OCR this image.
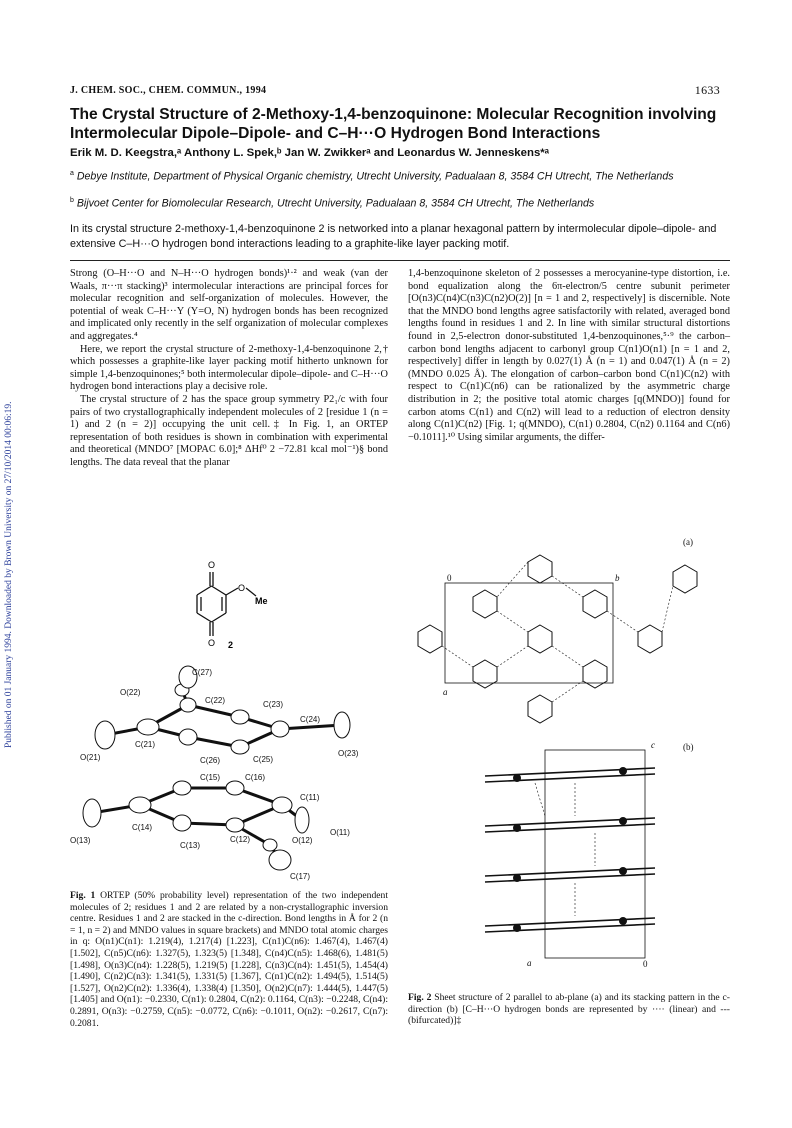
Published on 01 January 1994. Downloaded by Brown University on 27/10/2014 00:06:19.
J. CHEM. SOC., CHEM. COMMUN., 1994	1633
The Crystal Structure of 2-Methoxy-1,4-benzoquinone: Molecular Recognition involving
Intermolecular Dipole–Dipole- and C–H···O Hydrogen Bond Interactions
Erik M. D. Keegstra,ᵃ Anthony L. Spek,ᵇ Jan W. Zwikkerᵃ and Leonardus W. Jenneskens*ᵃ
$^a$ Debye Institute, Department of Physical Organic chemistry, Utrecht University, Padualaan 8, 3584 CH Utrecht, The Netherlands
$^b$ Bijvoet Center for Biomolecular Research, Utrecht University, Padualaan 8, 3584 CH Utrecht, The Netherlands
In its crystal structure 2-methoxy-1,4-benzoquinone 2 is networked into a planar hexagonal pattern by intermolecular dipole–dipole- and extensive C–H···O hydrogen bond interactions leading to a graphite-like layer packing motif.

Strong (O–H···O and N–H···O hydrogen bonds)¹·² and weak (van der Waals, π···π stacking)³ intermolecular interactions are principal forces for molecular recognition and self-organization of molecules. However, the potential of weak C–H···Y (Y=O, N) hydrogen bonds has been recognized and implicated only recently in the self organization of molecular complexes and aggregates.⁴

Here, we report the crystal structure of 2-methoxy-1,4-benzoquinone 2,† which possesses a graphite-like layer packing motif hitherto unknown for simple 1,4-benzoquinones;⁵ both intermolecular dipole–dipole- and C–H···O hydrogen bond interactions play a decisive role.

The crystal structure of 2 has the space group symmetry P2₁/c with four pairs of two crystallographically independent molecules of 2 [residue 1 (n = 1) and 2 (n = 2)] occupying the unit cell.‡ In Fig. 1, an ORTEP representation of both residues is shown in combination with experimental and theoretical (MNDO⁷ [MOPAC 6.0];⁸ ΔHf⁰ 2 −72.81 kcal mol⁻¹)§ bond lengths. The data reveal that the planar

1,4-benzoquinone skeleton of 2 possesses a merocyanine-type distortion, i.e. bond equalization along the 6π-electron/5 centre subunit perimeter [O(n3)C(n4)C(n3)C(n2)O(2)] [n = 1 and 2, respectively] is discernible. Note that the MNDO bond lengths agree satisfactorily with related, averaged bond lengths found in residues 1 and 2. In line with similar structural distortions found in 2,5-electron donor-substituted 1,4-benzoquinones,⁵·⁹ the carbon–carbon bond lengths adjacent to carbonyl group C(n1)O(n1) [n = 1 and 2, respectively] differ in length by 0.027(1) Å (n = 1) and 0.047(1) Å (n = 2) (MNDO 0.025 Å). The elongation of carbon–carbon bond C(n1)C(n2) with respect to C(n1)C(n6) can be rationalized by the asymmetric charge distribution in 2; the positive total atomic charges [q(MNDO)] found for carbon atoms C(n1) and C(n2) will lead to a reduction of electron density along C(n1)C(n2) [Fig. 1; q(MNDO), C(n1) 0.2804, C(n2) 0.1164 and C(n6) −0.1011].¹⁰ Using similar arguments, the differ-

O
O
Me
O 2
C(27)
O(22)
C(22)	C(23)
C(24)
O(21)
C(21)
C(26)	C(25)
O(23)
C(15)	C(16)
C(11)
O(13)
C(14)
C(13)
C(12)	O(12)
O(11)
C(17)
Fig. 1 ORTEP (50% probability level) representation of the two independent molecules of 2; residues 1 and 2 are related by a non-crystallographic inversion centre. Residues 1 and 2 are stacked in the c-direction. Bond lengths in Å for 2 (n = 1, n = 2) and MNDO values in square brackets) and MNDO total atomic charges in q: O(n1)C(n1): 1.219(4), 1.217(4) [1.223], C(n1)C(n6): 1.467(4), 1.467(4) [1.502], C(n5)C(n6): 1.327(5), 1.323(5) [1.348], C(n4)C(n5): 1.468(6), 1.481(5) [1.498], O(n3)C(n4): 1.228(5), 1.219(5) [1.228], C(n3)C(n4): 1.451(5), 1.454(4) [1.490], C(n2)C(n3): 1.341(5), 1.331(5) [1.367], C(n1)C(n2): 1.494(5), 1.514(5) [1.527], O(n2)C(n2): 1.336(4), 1.338(4) [1.350], O(n2)C(n7): 1.444(5), 1.447(5) [1.405] and O(n1): −0.2330, C(n1): 0.2804, C(n2): 0.1164, C(n3): −0.2248, C(n4): 0.2891, O(n3): −0.2759, C(n5): −0.0772, C(n6): −0.1011, O(n2): −0.2617, C(n7): 0.2081.
(a)
0
a
b
(b)
c
a	0
Fig. 2 Sheet structure of 2 parallel to ab-plane (a) and its stacking pattern in the c-direction (b) [C–H···O hydrogen bonds are represented by ···· (linear) and --- (bifurcated)]‡
